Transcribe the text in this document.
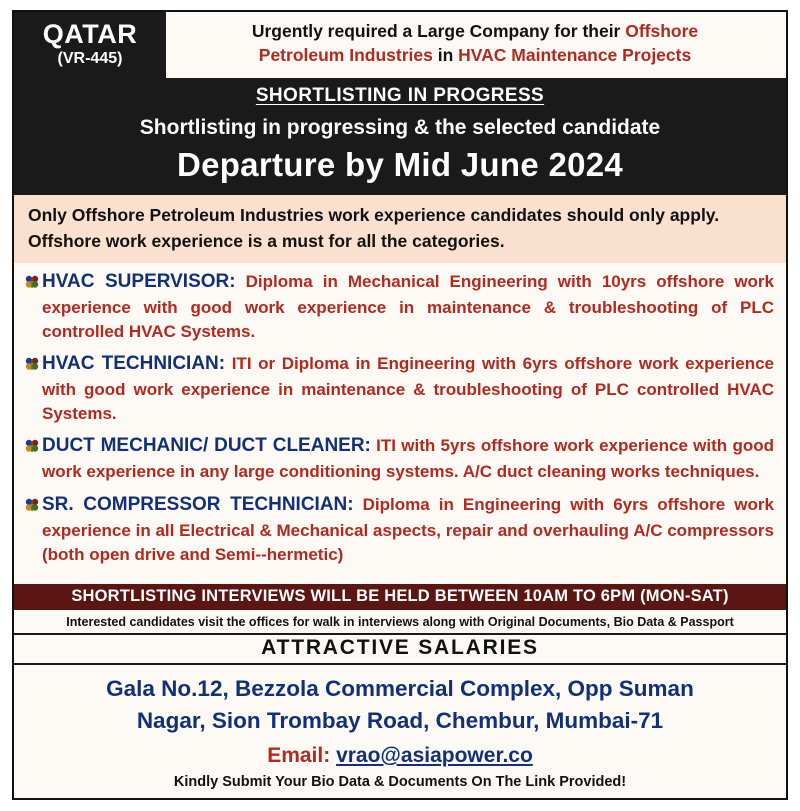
QATAR
(VR-445)
Urgently required a Large Company for their Offshore
Petroleum Industries in HVAC Maintenance Projects
SHORTLISTING IN PROGRESS
Shortlisting in progressing & the selected candidate
Departure by Mid June 2024
Only Offshore Petroleum Industries work experience candidates should only apply. Offshore work experience is a must for all the categories.
HVAC SUPERVISOR: Diploma in Mechanical Engineering with 10yrs offshore work experience with good work experience in maintenance & troubleshooting of PLC controlled HVAC Systems.
HVAC TECHNICIAN: ITI or Diploma in Engineering with 6yrs offshore work experience with good work experience in maintenance & troubleshooting of PLC controlled HVAC Systems.
DUCT MECHANIC/ DUCT CLEANER: ITI with 5yrs offshore work experience with good work experience in any large conditioning systems. A/C duct cleaning works techniques.
SR. COMPRESSOR TECHNICIAN: Diploma in Engineering with 6yrs offshore work experience in all Electrical & Mechanical aspects, repair and overhauling A/C compressors (both open drive and Semi--hermetic)
SHORTLISTING INTERVIEWS WILL BE HELD BETWEEN 10AM TO 6PM (MON-SAT)
Interested candidates visit the offices for walk in interviews along with Original Documents, Bio Data & Passport
ATTRACTIVE SALARIES
Gala No.12, Bezzola Commercial Complex, Opp Suman
Nagar, Sion Trombay Road, Chembur, Mumbai-71
Email: vrao@asiapower.co
Kindly Submit Your Bio Data & Documents On The Link Provided!
